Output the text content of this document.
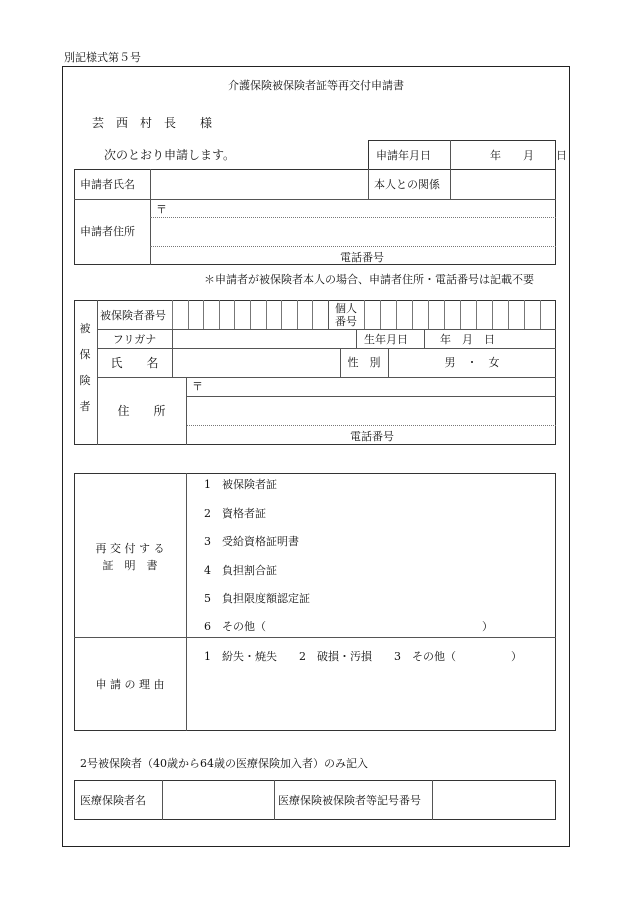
別記様式第５号
介護保険被保険者証等再交付申請書
芸　西　村　長　　様
次のとおり申請します。	申請年月日	年　　月　　日
申請者氏名	本人との関係
申請者住所
〒
電話番号
＊申請者が被保険者本人の場合、申請者住所・電話番号は記載不要
被
保
険
者
被保険者番号
個人
番号
フリガナ	生年月日	年　月　日
氏　　名	性　別	男　・　女
住　　所
〒
電話番号
再 交 付 す る
証　明　書
1　被保険者証
2　資格者証
3　受給資格証明書
4　負担割合証
5　負担限度額認定証
6　その他（	）
申 請 の 理 由
1　紛失・焼失　　2　破損・汚損　　3　その他（　　　　　）
2号被保険者（40歳から64歳の医療保険加入者）のみ記入
医療保険者名	医療保険被保険者等記号番号
